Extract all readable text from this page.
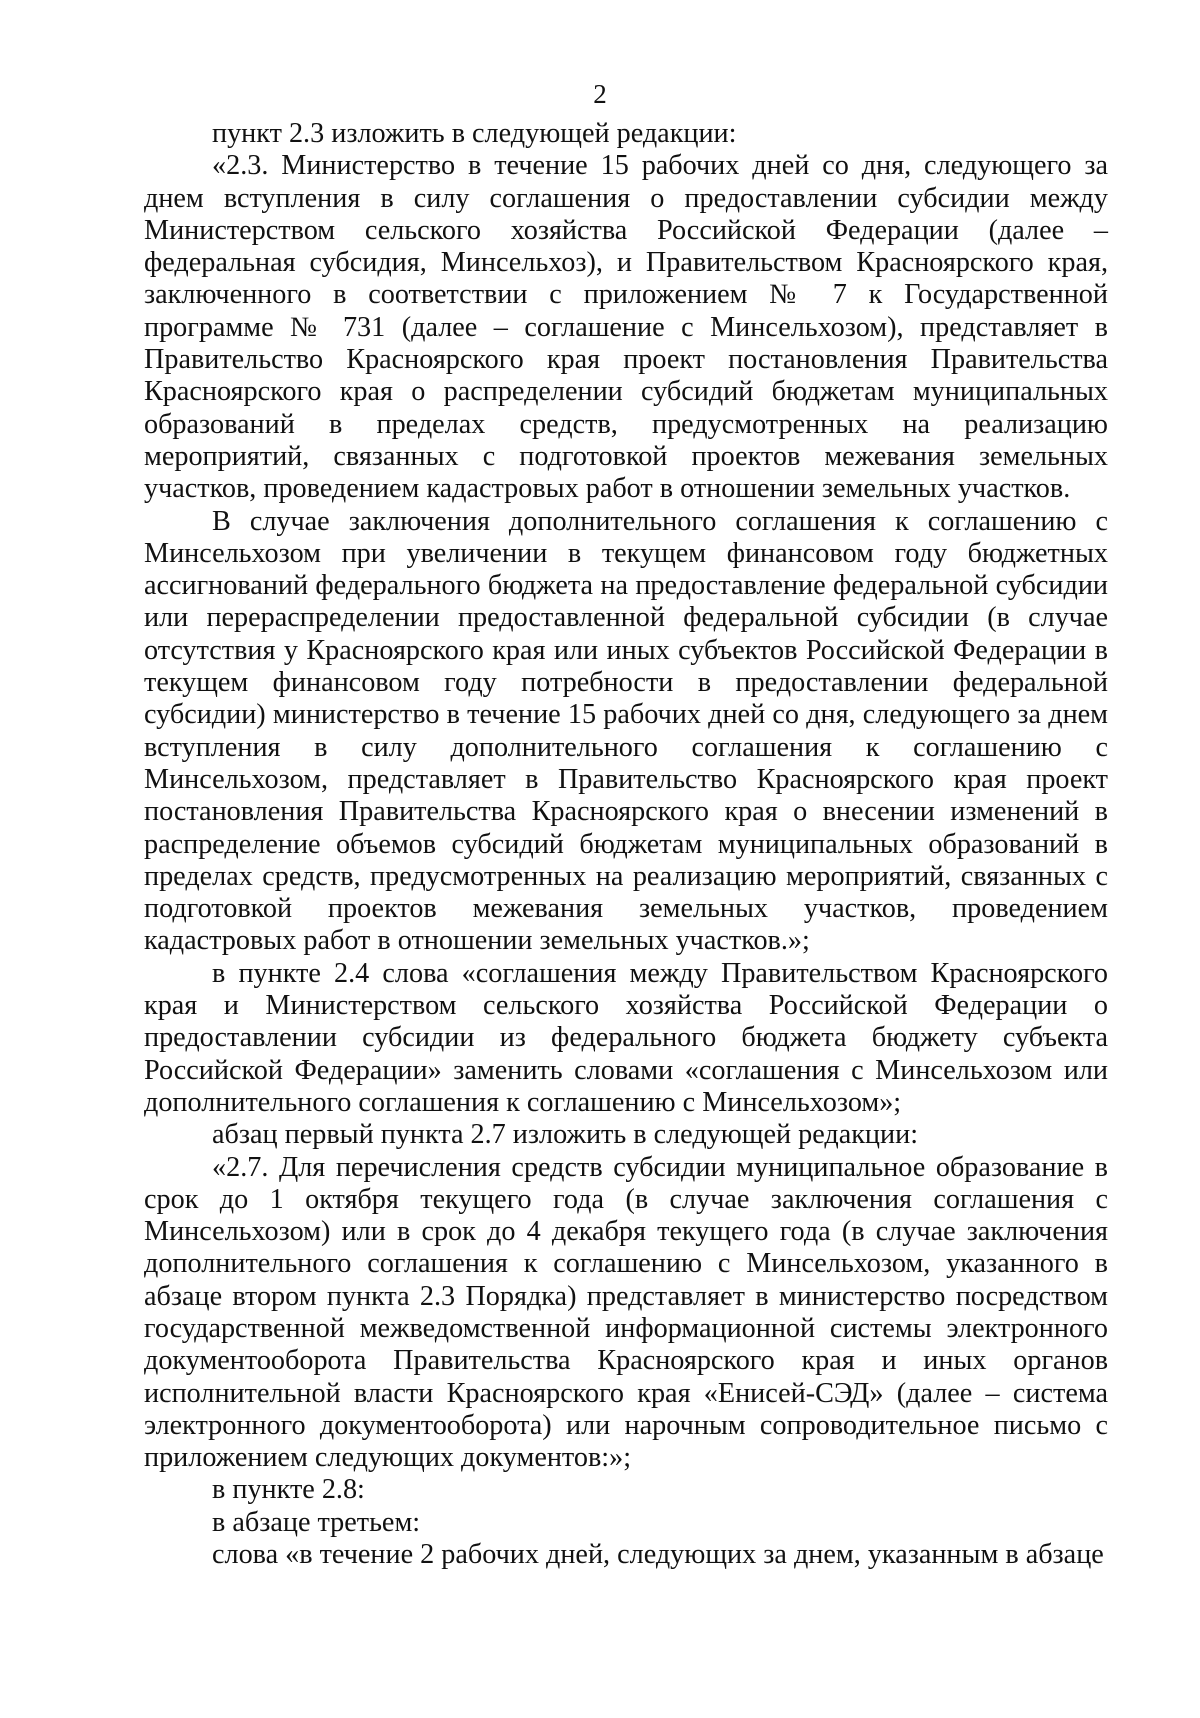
2

пункт 2.3 изложить в следующей редакции:

«2.3. Министерство в течение 15 рабочих дней со дня, следующего за днем вступления в силу соглашения о предоставлении субсидии между Министерством сельского хозяйства Российской Федерации (далее – федеральная субсидия, Минсельхоз), и Правительством Красноярского края, заключенного в соответствии с приложением № 7 к Государственной программе № 731 (далее – соглашение с Минсельхозом), представляет в Правительство Красноярского края проект постановления Правительства Красноярского края о распределении субсидий бюджетам муниципальных образований в пределах средств, предусмотренных на реализацию мероприятий, связанных с подготовкой проектов межевания земельных участков, проведением кадастровых работ в отношении земельных участков.

В случае заключения дополнительного соглашения к соглашению с Минсельхозом при увеличении в текущем финансовом году бюджетных ассигнований федерального бюджета на предоставление федеральной субсидии или перераспределении предоставленной федеральной субсидии (в случае отсутствия у Красноярского края или иных субъектов Российской Федерации в текущем финансовом году потребности в предоставлении федеральной субсидии) министерство в течение 15 рабочих дней со дня, следующего за днем вступления в силу дополнительного соглашения к соглашению с Минсельхозом, представляет в Правительство Красноярского края проект постановления Правительства Красноярского края о внесении изменений в распределение объемов субсидий бюджетам муниципальных образований в пределах средств, предусмотренных на реализацию мероприятий, связанных с подготовкой проектов межевания земельных участков, проведением кадастровых работ в отношении земельных участков.»;

в пункте 2.4 слова «соглашения между Правительством Красноярского края и Министерством сельского хозяйства Российской Федерации о предоставлении субсидии из федерального бюджета бюджету субъекта Российской Федерации» заменить словами «соглашения с Минсельхозом или дополнительного соглашения к соглашению с Минсельхозом»;

абзац первый пункта 2.7 изложить в следующей редакции:

«2.7. Для перечисления средств субсидии муниципальное образование в срок до 1 октября текущего года (в случае заключения соглашения с Минсельхозом) или в срок до 4 декабря текущего года (в случае заключения дополнительного соглашения к соглашению с Минсельхозом, указанного в абзаце втором пункта 2.3 Порядка) представляет в министерство посредством государственной межведомственной информационной системы электронного документооборота Правительства Красноярского края и иных органов исполнительной власти Красноярского края «Енисей-СЭД» (далее – система электронного документооборота) или нарочным сопроводительное письмо с приложением следующих документов:»;

в пункте 2.8:

в абзаце третьем:

слова «в течение 2 рабочих дней, следующих за днем, указанным в абзаце
